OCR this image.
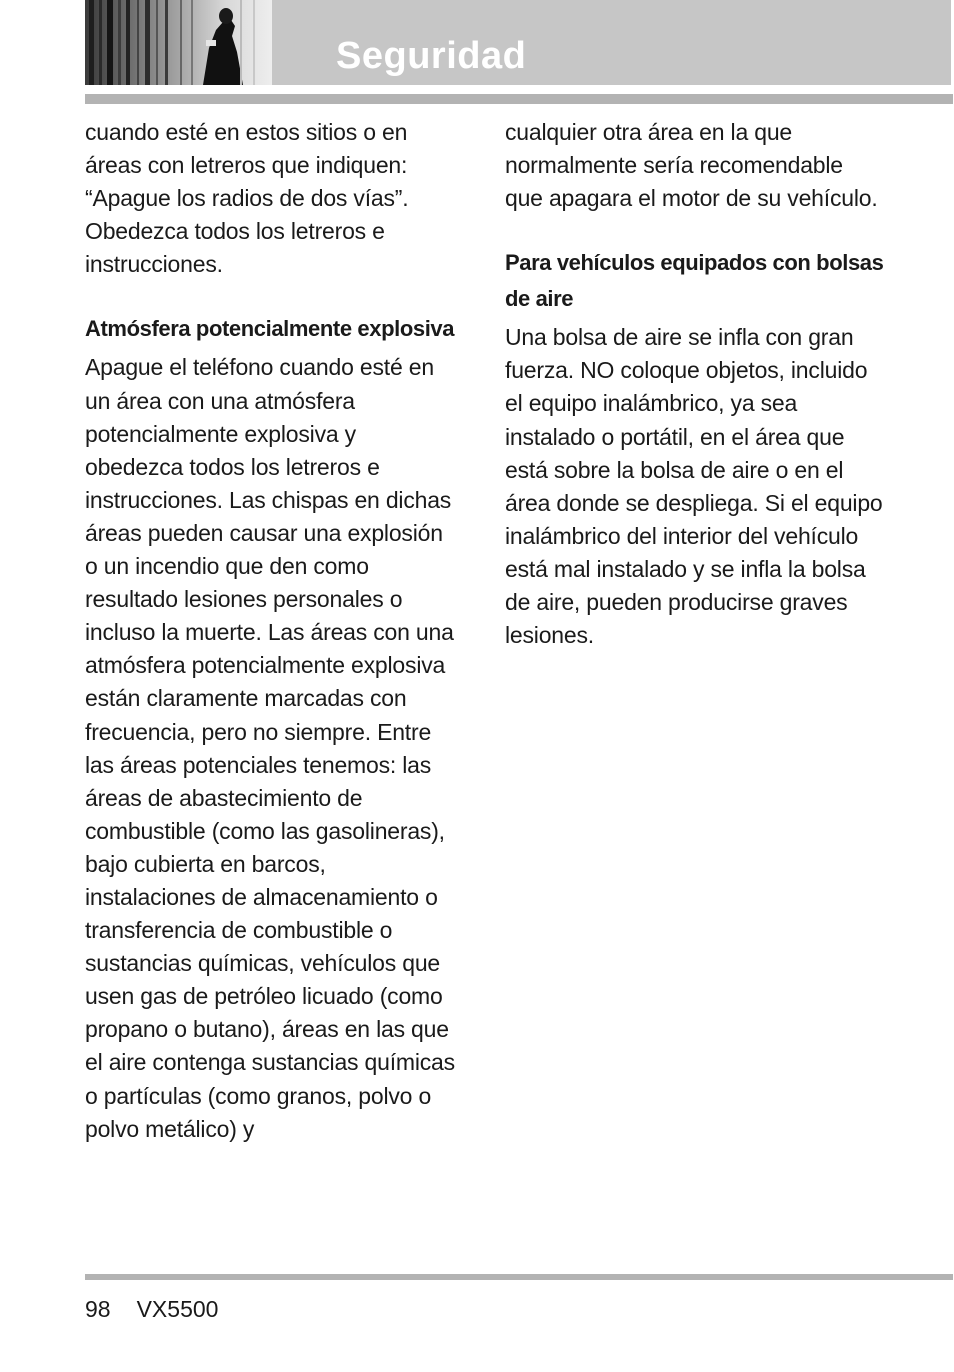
Seguridad

cuando esté en estos sitios o en áreas con letreros que indiquen: “Apague los radios de dos vías”. Obedezca todos los letreros e instrucciones.

Atmósfera potencialmente explosiva

Apague el teléfono cuando esté en un área con una atmósfera potencialmente explosiva y obedezca todos los letreros e instrucciones. Las chispas en dichas áreas pueden causar una explosión o un incendio que den como resultado lesiones personales o incluso la muerte. Las áreas con una atmósfera potencialmente explosiva están claramente marcadas con frecuencia, pero no siempre. Entre las áreas potenciales tenemos: las áreas de abastecimiento de combustible (como las gasolineras), bajo cubierta en barcos, instalaciones de almacenamiento o transferencia de combustible o sustancias químicas, vehículos que usen gas de petróleo licuado (como propano o butano), áreas en las que el aire contenga sustancias químicas o partículas (como granos, polvo o polvo metálico) y

cualquier otra área en la que normalmente sería recomendable que apagara el motor de su vehículo.

Para vehículos equipados con bolsas de aire

Una bolsa de aire se infla con gran fuerza. NO coloque objetos, incluido el equipo inalámbrico, ya sea instalado o portátil, en el área que está sobre la bolsa de aire o en el área donde se despliega. Si el equipo inalámbrico del interior del vehículo está mal instalado y se infla la bolsa de aire, pueden producirse graves lesiones.

98 VX5500
